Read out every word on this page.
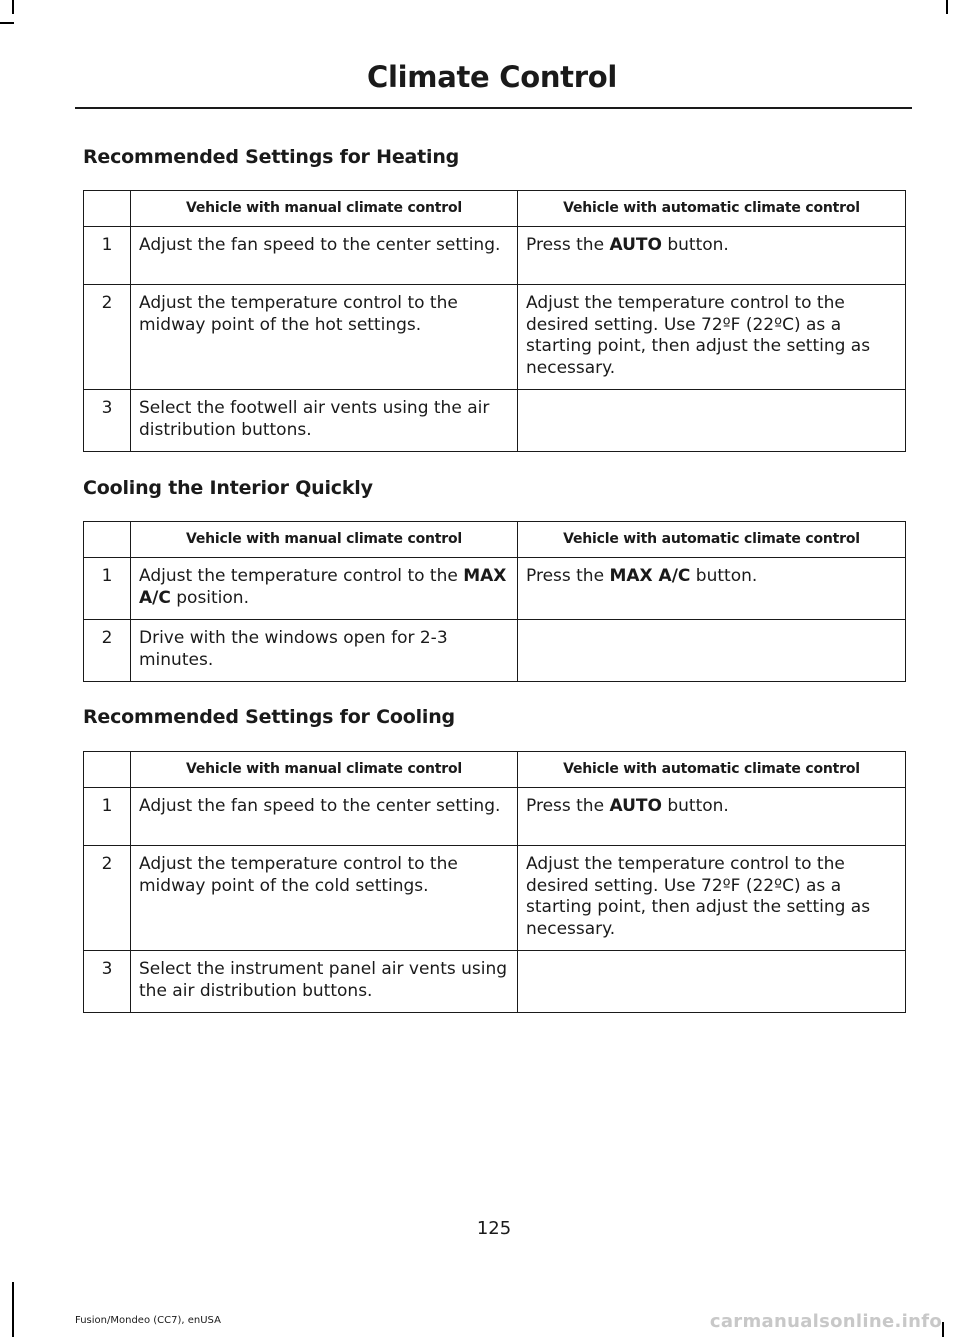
Climate Control
Recommended Settings for Heating
	Vehicle with manual climate control	Vehicle with automatic climate control
1	Adjust the fan speed to the center setting.	Press the AUTO button.
2	Adjust the temperature control to the midway point of the hot settings.	Adjust the temperature control to the desired setting. Use 72ºF (22ºC) as a starting point, then adjust the setting as necessary.
3	Select the footwell air vents using the air distribution buttons.	
Cooling the Interior Quickly
	Vehicle with manual climate control	Vehicle with automatic climate control
1	Adjust the temperature control to the MAX A/C position.	Press the MAX A/C button.
2	Drive with the windows open for 2-3 minutes.	
Recommended Settings for Cooling
	Vehicle with manual climate control	Vehicle with automatic climate control
1	Adjust the fan speed to the center setting.	Press the AUTO button.
2	Adjust the temperature control to the midway point of the cold settings.	Adjust the temperature control to the desired setting. Use 72ºF (22ºC) as a starting point, then adjust the setting as necessary.
3	Select the instrument panel air vents using the air distribution buttons.	
125
Fusion/Mondeo (CC7), enUSA	carmanualsonline.info
